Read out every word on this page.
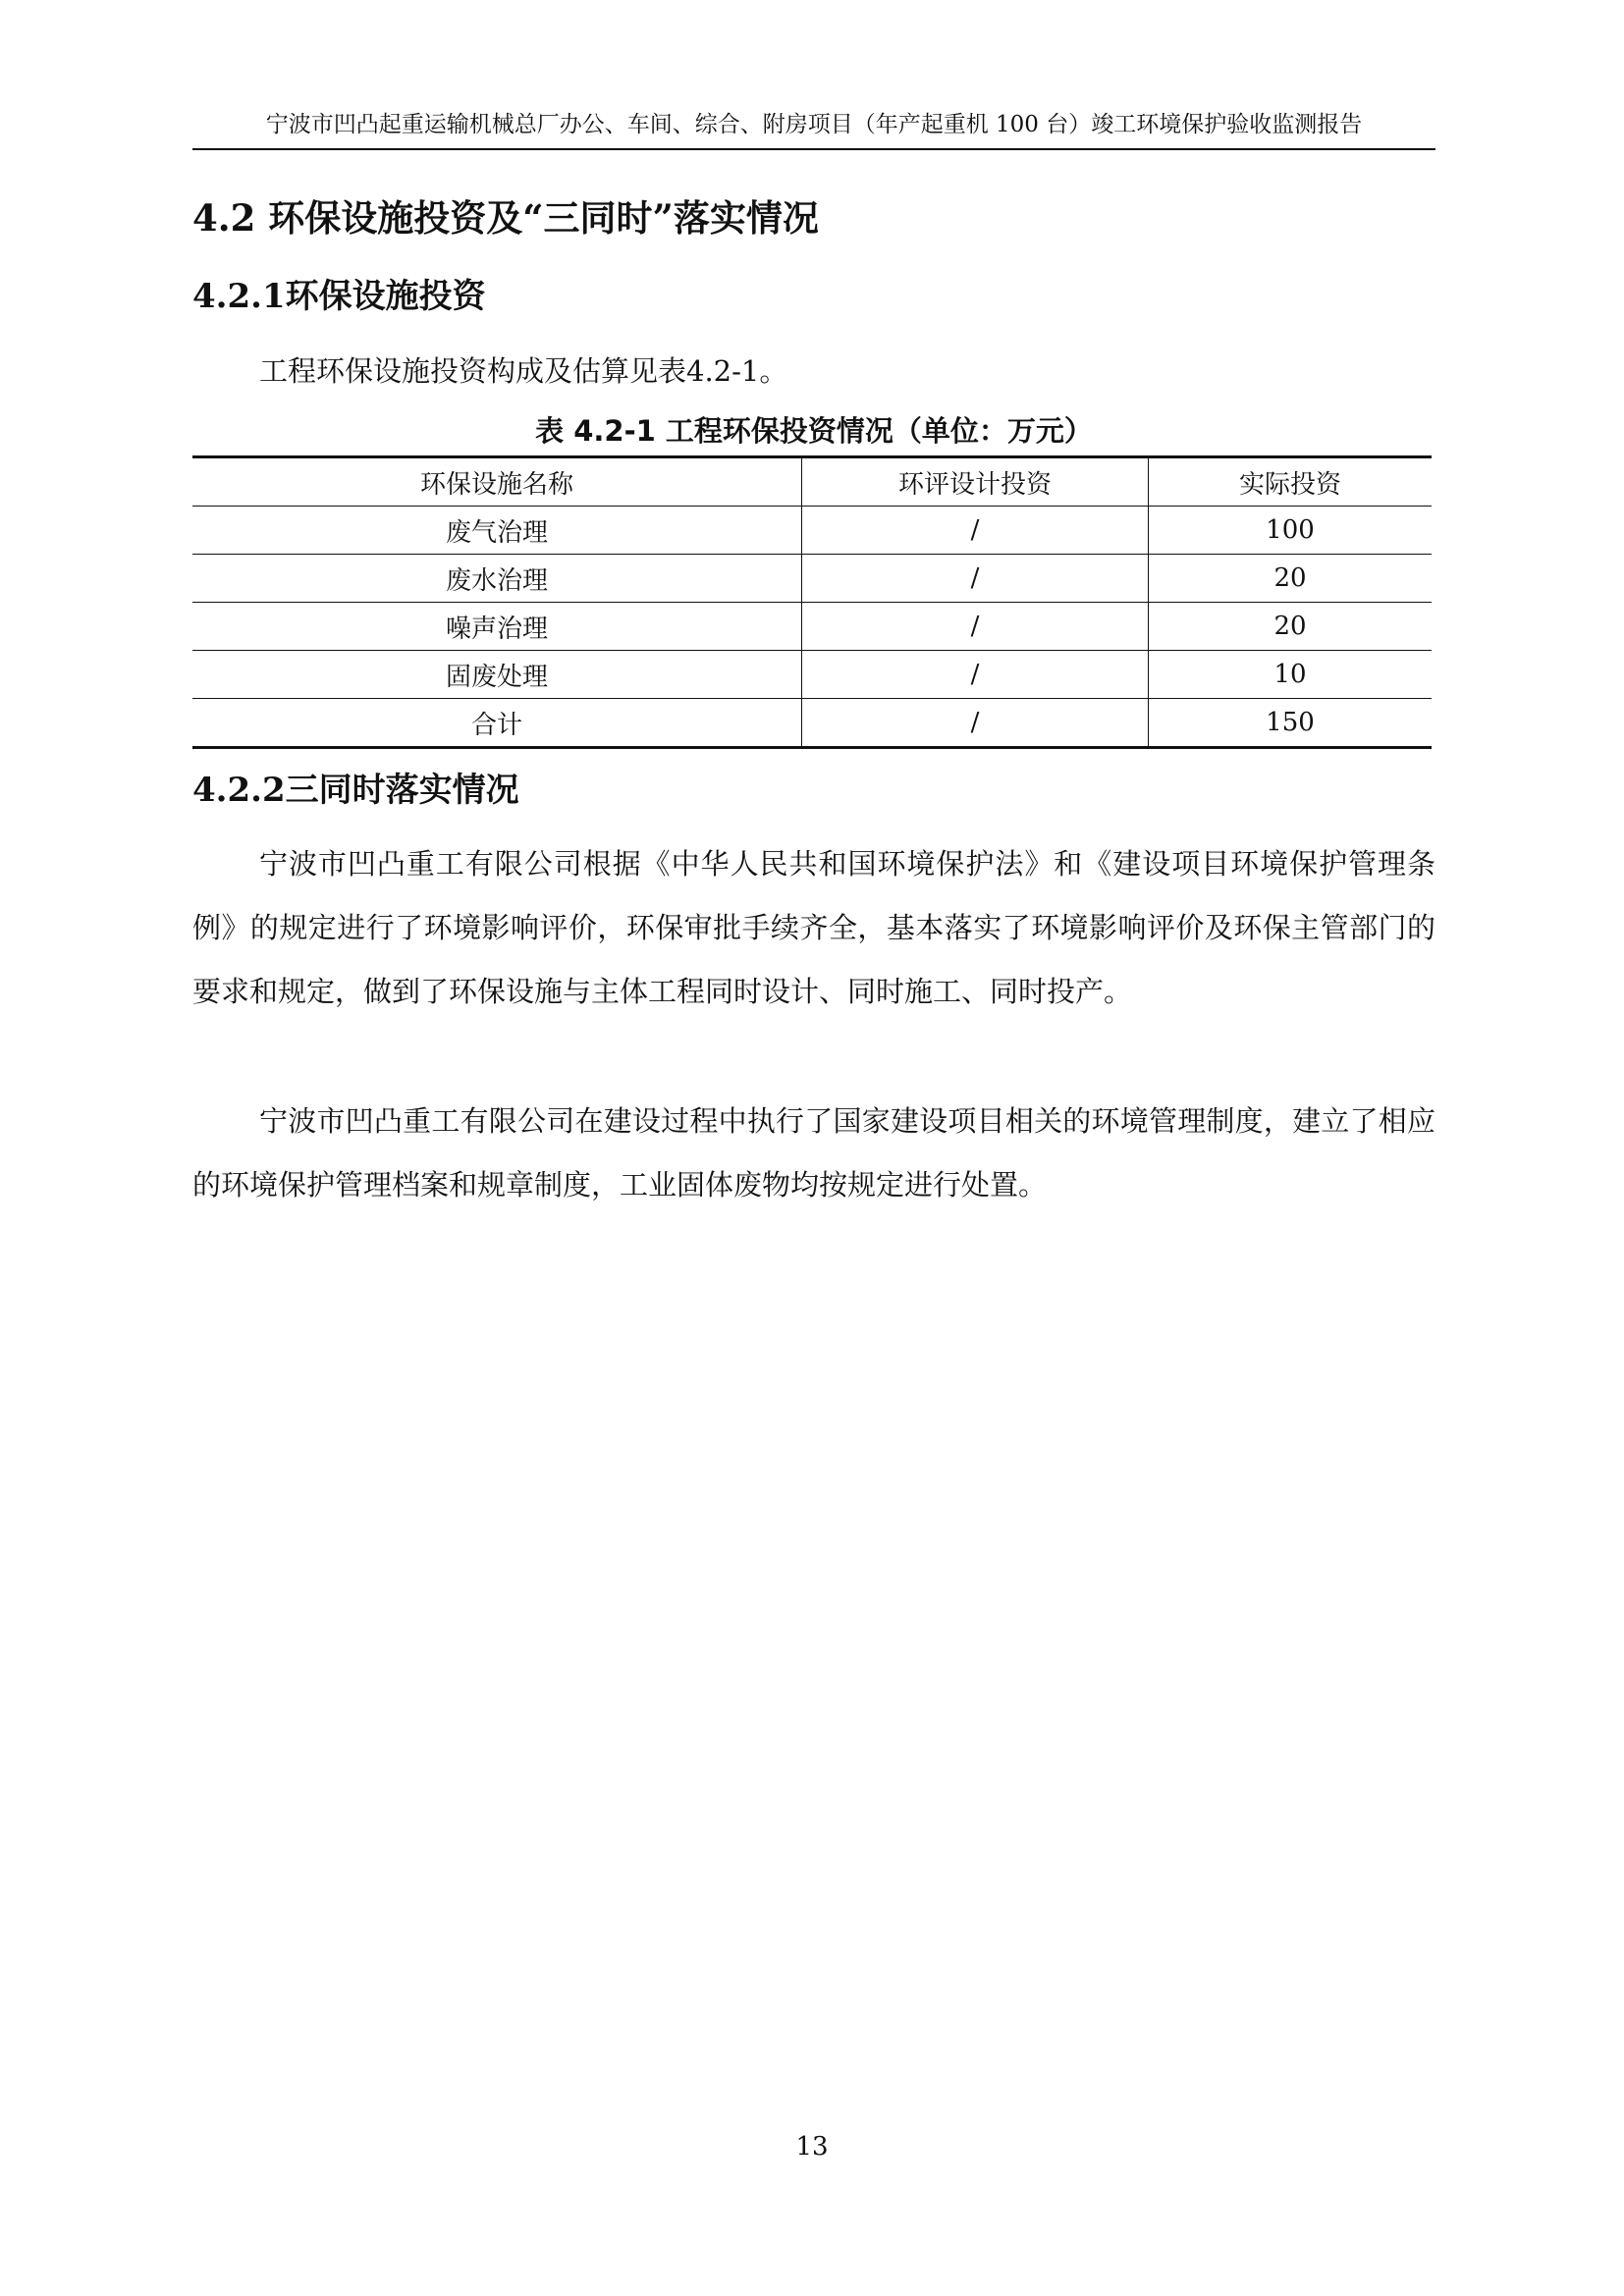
宁波市凹凸起重运输机械总厂办公、车间、综合、附房项目（年产起重机 100 台）竣工环境保护验收监测报告
4.2 环保设施投资及“三同时”落实情况
4.2.1环保设施投资
工程环保设施投资构成及估算见表4.2-1。
表 4.2-1 工程环保投资情况（单位：万元）
环保设施名称	环评设计投资	实际投资
废气治理	/	100
废水治理	/	20
噪声治理	/	20
固废处理	/	10
合计	/	150
4.2.2三同时落实情况
宁波市凹凸重工有限公司根据《中华人民共和国环境保护法》和《建设项目环境保护管理条例》的规定进行了环境影响评价，环保审批手续齐全，基本落实了环境影响评价及环保主管部门的要求和规定，做到了环保设施与主体工程同时设计、同时施工、同时投产。
宁波市凹凸重工有限公司在建设过程中执行了国家建设项目相关的环境管理制度，建立了相应的环境保护管理档案和规章制度，工业固体废物均按规定进行处置。
13
